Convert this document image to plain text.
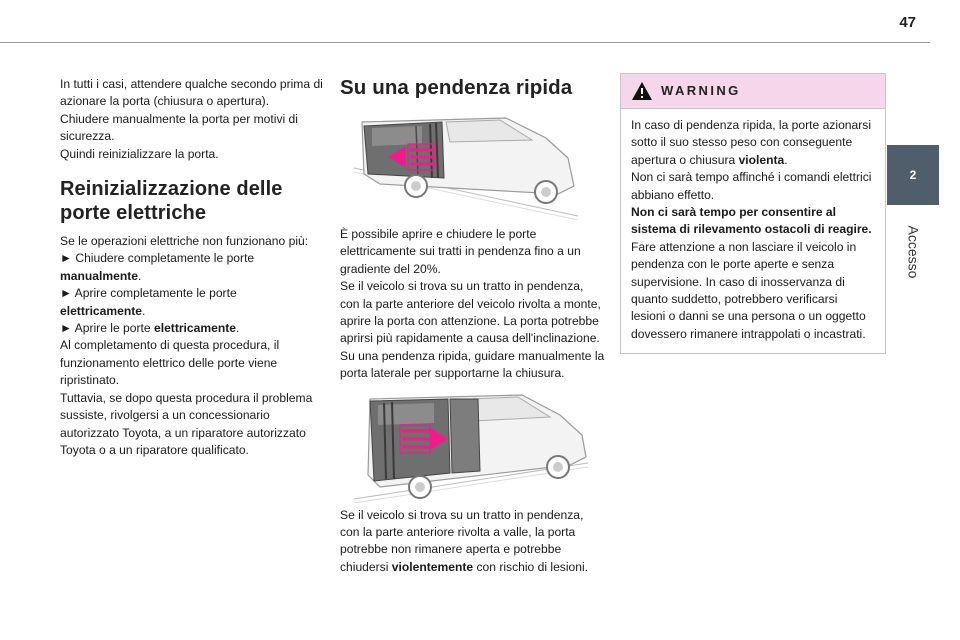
47
2
Accesso

In tutti i casi, attendere qualche secondo prima di azionare la porta (chiusura o apertura).

Chiudere manualmente la porta per motivi di sicurezza.

Quindi reinizializzare la porta.

Reinizializzazione delle porte elettriche

Se le operazioni elettriche non funzionano più:

► Chiudere completamente le porte manualmente.

► Aprire completamente le porte elettricamente.

► Aprire le porte elettricamente.

Al completamento di questa procedura, il funzionamento elettrico delle porte viene ripristinato.

Tuttavia, se dopo questa procedura il problema sussiste, rivolgersi a un concessionario autorizzato Toyota, a un riparatore autorizzato Toyota o a un riparatore qualificato.

Su una pendenza ripida

È possibile aprire e chiudere le porte elettricamente sui tratti in pendenza fino a un gradiente del 20%.

Se il veicolo si trova su un tratto in pendenza, con la parte anteriore del veicolo rivolta a monte, aprire la porta con attenzione. La porta potrebbe aprirsi più rapidamente a causa dell'inclinazione.

Su una pendenza ripida, guidare manualmente la porta laterale per supportarne la chiusura.

Se il veicolo si trova su un tratto in pendenza, con la parte anteriore rivolta a valle, la porta potrebbe non rimanere aperta e potrebbe chiudersi violentemente con rischio di lesioni.

WARNING

In caso di pendenza ripida, la porte azionarsi sotto il suo stesso peso con conseguente apertura o chiusura violenta.

Non ci sarà tempo affinché i comandi elettrici abbiano effetto.

Non ci sarà tempo per consentire al sistema di rilevamento ostacoli di reagire.

Fare attenzione a non lasciare il veicolo in pendenza con le porte aperte e senza supervisione. In caso di inosservanza di quanto suddetto, potrebbero verificarsi lesioni o danni se una persona o un oggetto dovessero rimanere intrappolati o incastrati.
